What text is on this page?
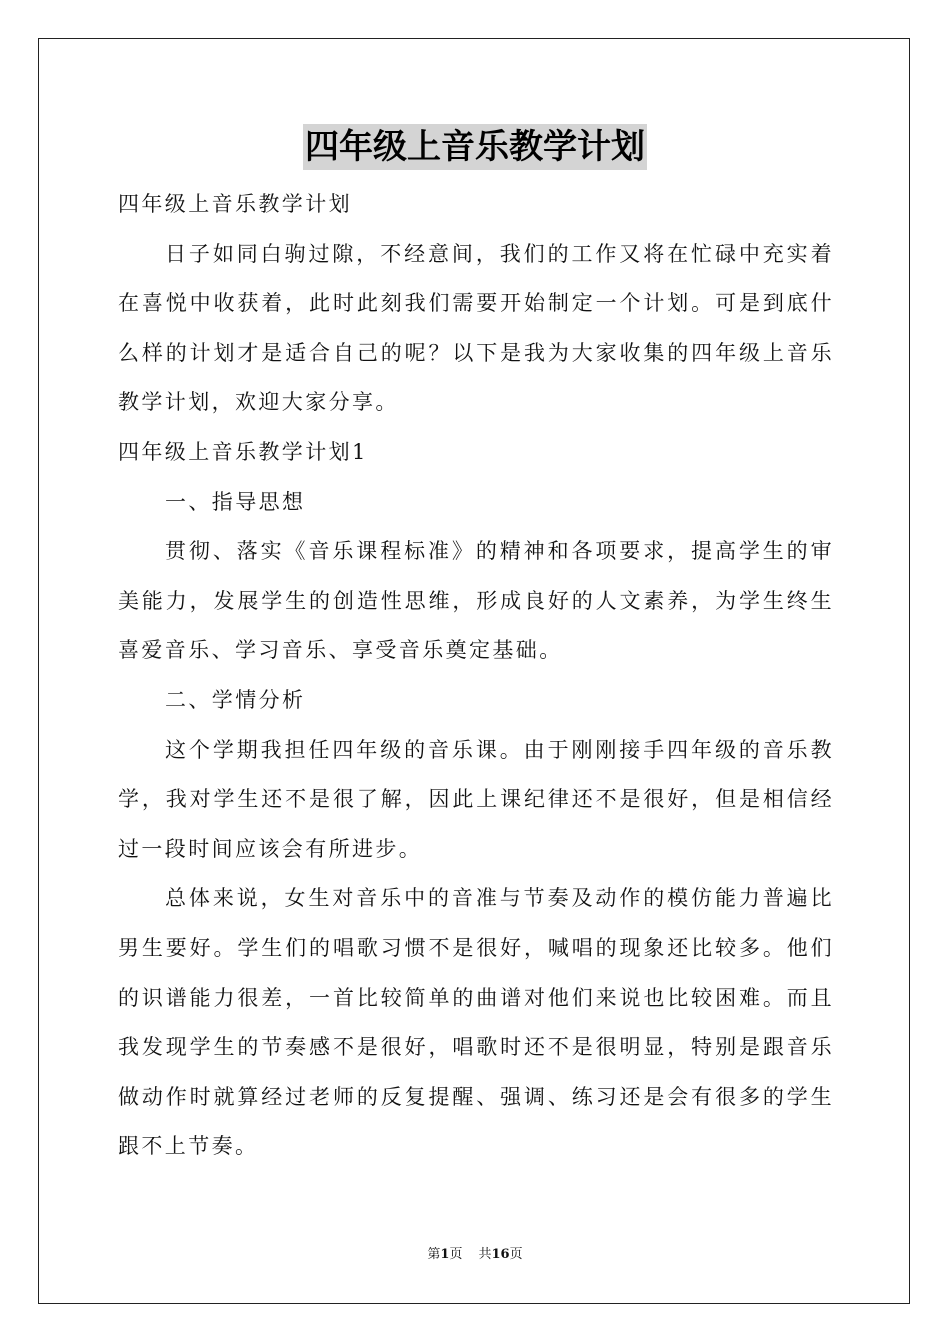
四年级上音乐教学计划

四年级上音乐教学计划

日子如同白驹过隙，不经意间，我们的工作又将在忙碌中充实着在喜悦中收获着，此时此刻我们需要开始制定一个计划。可是到底什么样的计划才是适合自己的呢？以下是我为大家收集的四年级上音乐教学计划，欢迎大家分享。

四年级上音乐教学计划1

一、指导思想

贯彻、落实《音乐课程标准》的精神和各项要求，提高学生的审美能力，发展学生的创造性思维，形成良好的人文素养，为学生终生喜爱音乐、学习音乐、享受音乐奠定基础。

二、学情分析

这个学期我担任四年级的音乐课。由于刚刚接手四年级的音乐教学，我对学生还不是很了解，因此上课纪律还不是很好，但是相信经过一段时间应该会有所进步。

总体来说，女生对音乐中的音准与节奏及动作的模仿能力普遍比男生要好。学生们的唱歌习惯不是很好，喊唱的现象还比较多。他们的识谱能力很差，一首比较简单的曲谱对他们来说也比较困难。而且我发现学生的节奏感不是很好，唱歌时还不是很明显，特别是跟音乐做动作时就算经过老师的反复提醒、强调、练习还是会有很多的学生跟不上节奏。

第1页 共16页
